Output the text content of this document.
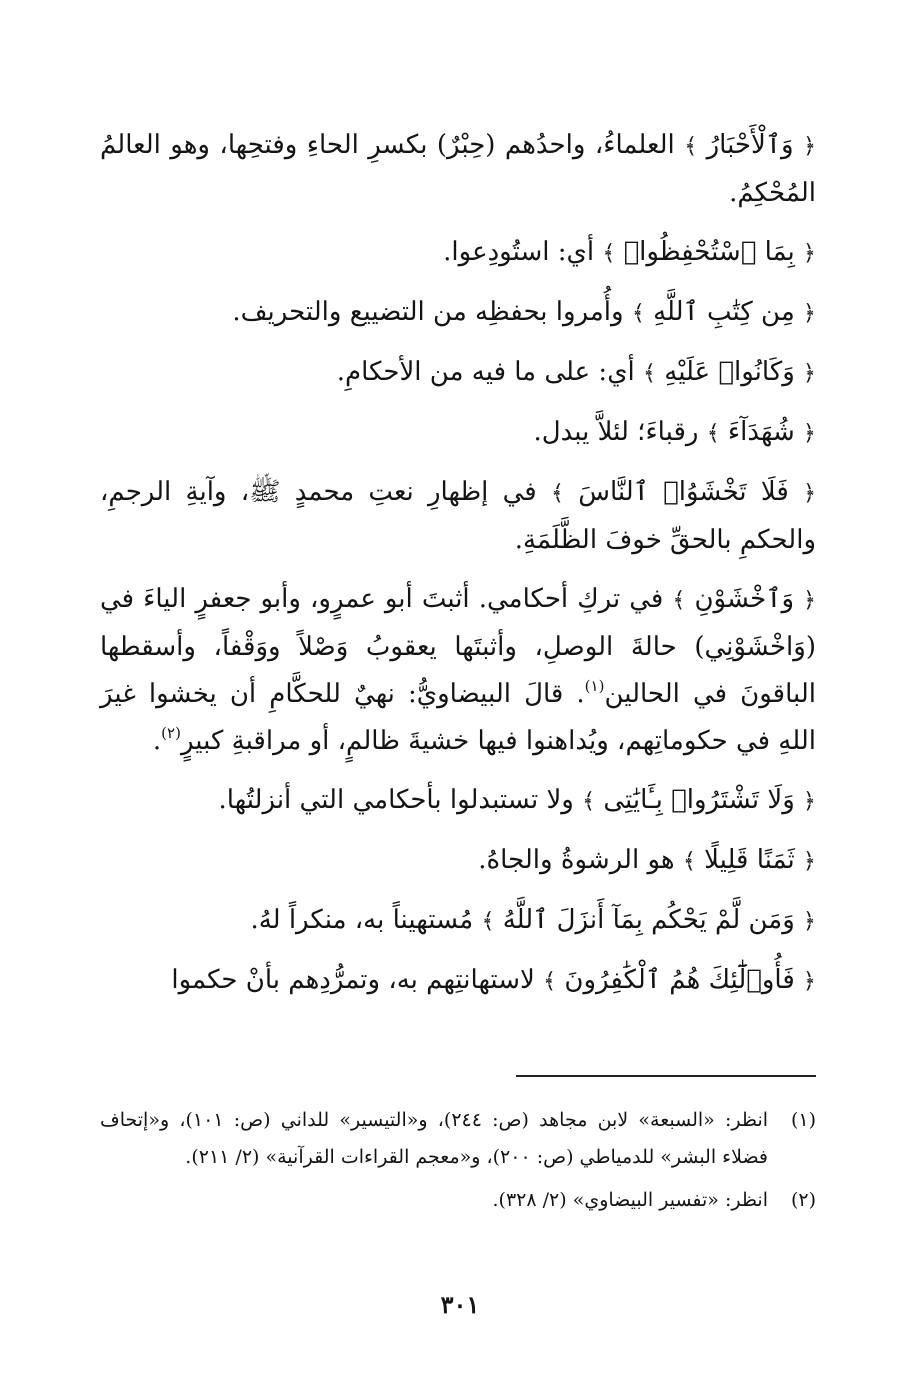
﴿ وَٱلْأَحْبَارُ ﴾ العلماءُ، واحدُهم (حِبْرٌ) بكسرِ الحاءِ وفتحِها، وهو العالمُ المُحْكِمُ.

﴿ بِمَا ٱسْتُحْفِظُوا۟ ﴾ أي: استُودِعوا.

﴿ مِن كِتَٰبِ ٱللَّهِ ﴾ وأُمروا بحفظِه من التضييع والتحريف.

﴿ وَكَانُوا۟ عَلَيْهِ ﴾ أي: على ما فيه من الأحكامِ.

﴿ شُهَدَآءَ ﴾ رقباءَ؛ لئلاَّ يبدل.

﴿ فَلَا تَخْشَوُا۟ ٱلنَّاسَ ﴾ في إظهارِ نعتِ محمدٍ ﷺ، وآيةِ الرجمِ، والحكمِ بالحقِّ خوفَ الظَّلَمَةِ.

﴿ وَٱخْشَوْنِ ﴾ في تركِ أحكامي. أثبتَ أبو عمرٍو، وأبو جعفرٍ الياءَ في (وَاخْشَوْنِي) حالةَ الوصلِ، وأثبتَها يعقوبُ وَصْلاً ووَقْفاً، وأسقطها الباقونَ في الحالين$^{(١)}$. قالَ البيضاويُّ: نهيٌ للحكَّامِ أن يخشوا غيرَ اللهِ في حكوماتِهم، ويُداهنوا فيها خشيةَ ظالمٍ، أو مراقبةِ كبيرٍ$^{(٢)}$.

﴿ وَلَا تَشْتَرُوا۟ بِـَٔايَٰتِى ﴾ ولا تستبدلوا بأحكامي التي أنزلتُها.

﴿ ثَمَنًا قَلِيلًا ﴾ هو الرشوةُ والجاهُ.

﴿ وَمَن لَّمْ يَحْكُم بِمَآ أَنزَلَ ٱللَّهُ ﴾ مُستهيناً به، منكراً لهُ.

﴿ فَأُو۟لَٰٓئِكَ هُمُ ٱلْكَٰفِرُونَ ﴾ لاستهانتِهم به، وتمرُّدِهم بأنْ حكموا

(١)
انظر: «السبعة» لابن مجاهد (ص: ٢٤٤)، و«التيسير» للداني (ص: ١٠١)، و«إتحاف فضلاء البشر» للدمياطي (ص: ٢٠٠)، و«معجم القراءات القرآنية» (٢/ ٢١١).

(٢)
انظر: «تفسير البيضاوي» (٢/ ٣٢٨).

٣٠١
